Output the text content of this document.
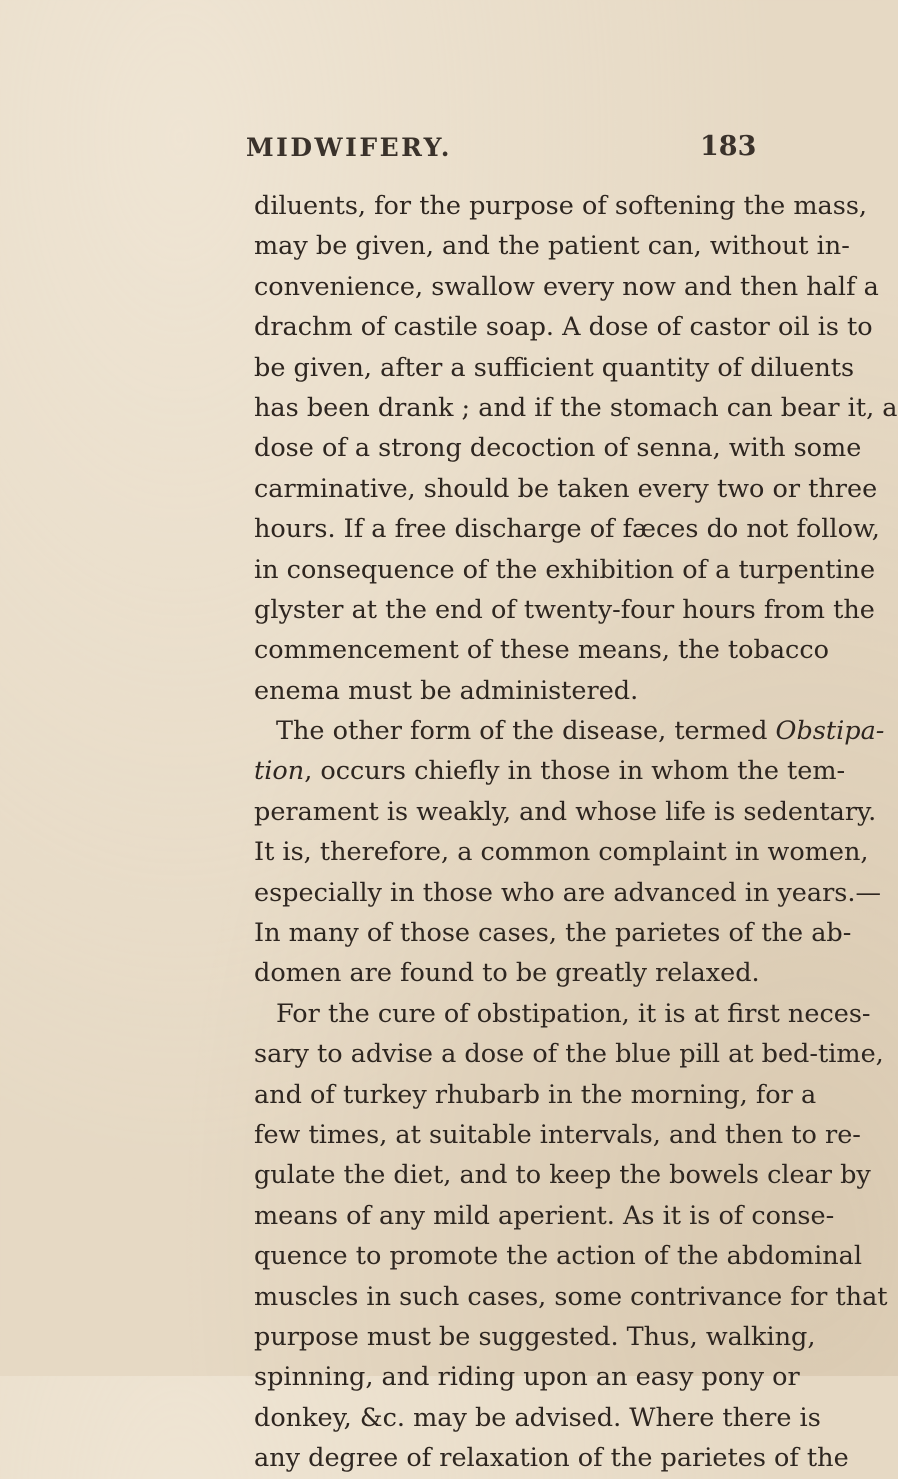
MIDWIFERY.	183
diluents, for the purpose of softening the mass,
may be given, and the patient can, without in-
convenience, swallow every now and then half a
drachm of castile soap. A dose of castor oil is to
be given, after a sufficient quantity of diluents
has been drank ; and if the stomach can bear it, a
dose of a strong decoction of senna, with some
carminative, should be taken every two or three
hours. If a free discharge of fæces do not follow,
in consequence of the exhibition of a turpentine
glyster at the end of twenty-four hours from the
commencement of these means, the tobacco
enema must be administered.
The other form of the disease, termed Obstipa-
tion, occurs chiefly in those in whom the tem-
perament is weakly, and whose life is sedentary.
It is, therefore, a common complaint in women,
especially in those who are advanced in years.—
In many of those cases, the parietes of the ab-
domen are found to be greatly relaxed.
For the cure of obstipation, it is at first neces-
sary to advise a dose of the blue pill at bed-time,
and of turkey rhubarb in the morning, for a
few times, at suitable intervals, and then to re-
gulate the diet, and to keep the bowels clear by
means of any mild aperient. As it is of conse-
quence to promote the action of the abdominal
muscles in such cases, some contrivance for that
purpose must be suggested. Thus, walking,
spinning, and riding upon an easy pony or
donkey, &c. may be advised. Where there is
any degree of relaxation of the parietes of the
